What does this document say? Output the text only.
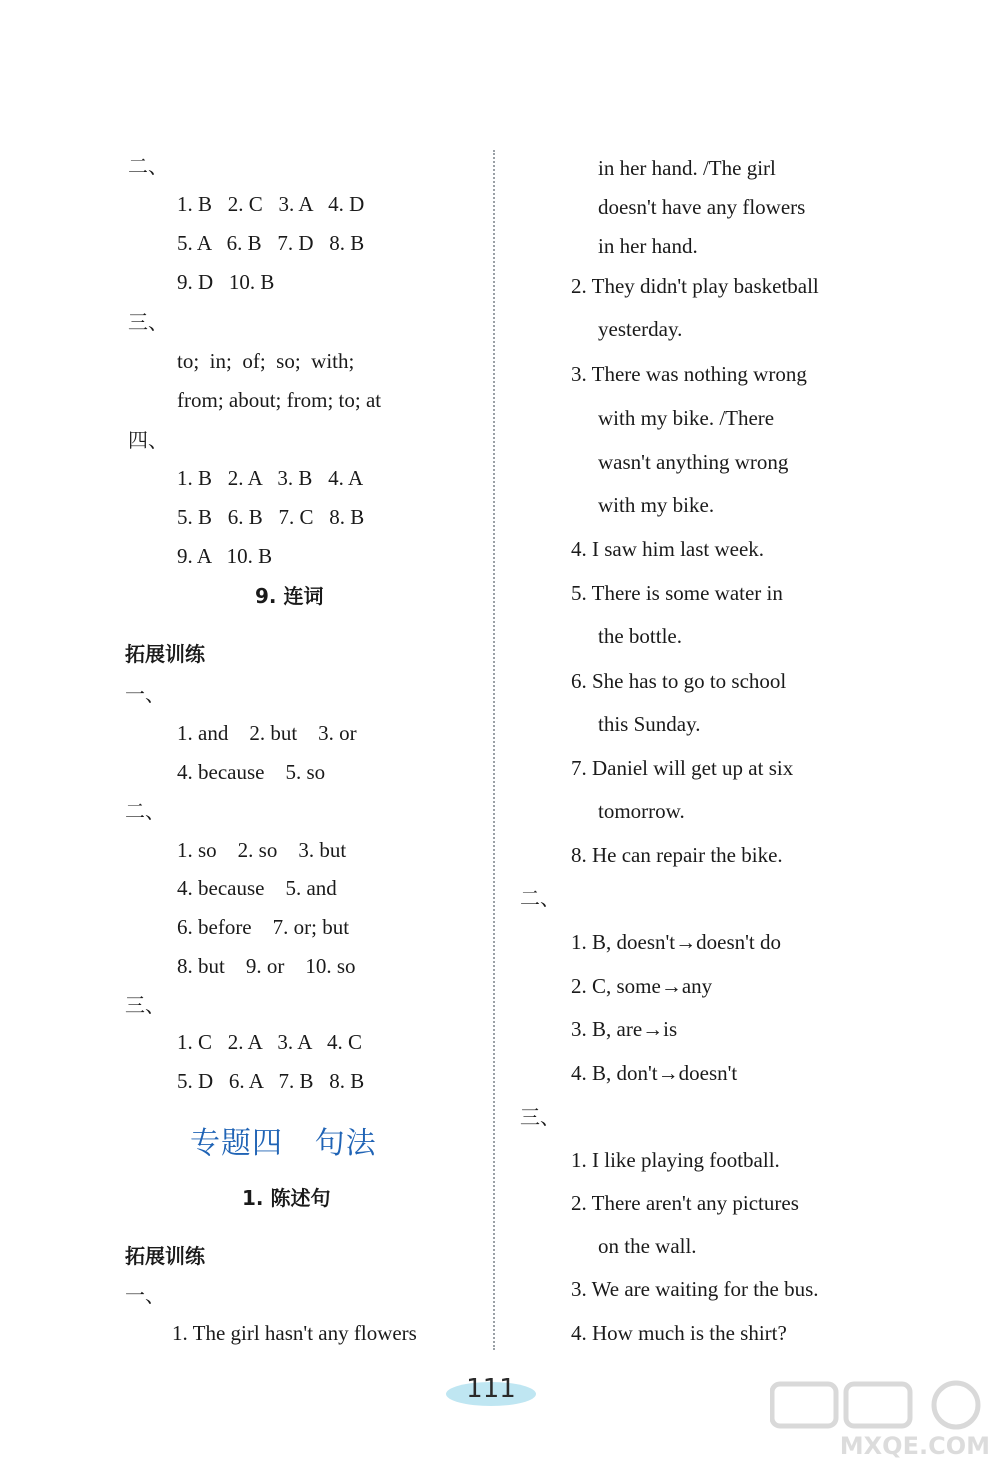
二、
1. B   2. C   3. A   4. D
5. A   6. B   7. D   8. B
9. D   10. B
三、
to;  in;  of;  so;  with;
from; about; from; to; at
四、
1. B   2. A   3. B   4. A
5. B   6. B   7. C   8. B
9. A   10. B
9. 连词
拓展训练
一、
1. and    2. but    3. or
4. because    5. so
二、
1. so    2. so    3. but
4. because    5. and
6. before    7. or; but
8. but    9. or    10. so
三、
1. C   2. A   3. A   4. C
5. D   6. A   7. B   8. B
专题四   句法
1. 陈述句
拓展训练
一、
1. The girl hasn't any flowers
in her hand. /The girl
doesn't have any flowers
in her hand.
2. They didn't play basketball
yesterday.
3. There was nothing wrong
with my bike. /There
wasn't anything wrong
with my bike.
4. I saw him last week.
5. There is some water in
the bottle.
6. She has to go to school
this Sunday.
7. Daniel will get up at six
tomorrow.
8. He can repair the bike.
二、
1. B, doesn't→doesn't do
2. C, some→any
3. B, are→is
4. B, don't→doesn't
三、
1. I like playing football.
2. There aren't any pictures
on the wall.
3. We are waiting for the bus.
4. How much is the shirt?
111
MXQE.COM
